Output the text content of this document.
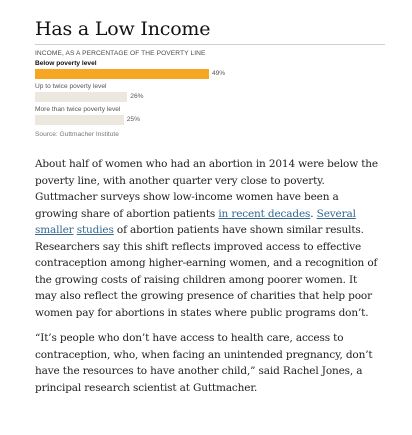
Has a Low Income
INCOME, AS A PERCENTAGE OF THE POVERTY LINE
Below poverty level
49%
Up to twice poverty level
26%
More than twice poverty level
25%
Source: Guttmacher Institute

About half of women who had an abortion in 2014 were below the poverty line, with another quarter very close to poverty. Guttmacher surveys show low-income women have been a growing share of abortion patients in recent decades. Several smaller studies of abortion patients have shown similar results. Researchers say this shift reflects improved access to effective contraception among higher-earning women, and a recognition of the growing costs of raising children among poorer women. It may also reflect the growing presence of charities that help poor women pay for abortions in states where public programs don’t.

“It’s people who don’t have access to health care, access to contraception, who, when facing an unintended pregnancy, don’t have the resources to have another child,” said Rachel Jones, a principal research scientist at Guttmacher.
